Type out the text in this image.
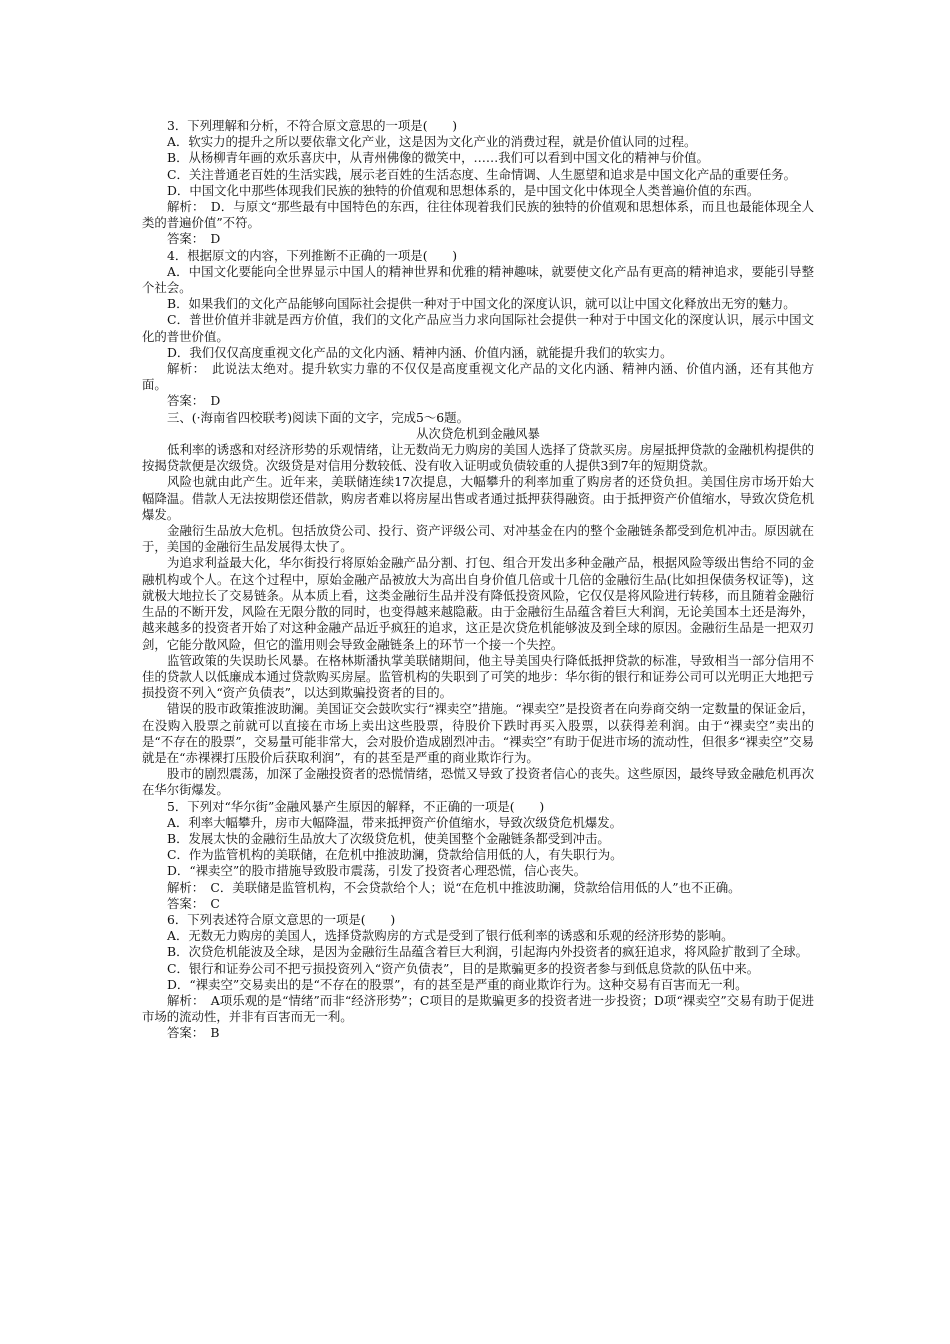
3．下列理解和分析，不符合原文意思的一项是(　　)

A．软实力的提升之所以要依靠文化产业，这是因为文化产业的消费过程，就是价值认同的过程。

B．从杨柳青年画的欢乐喜庆中，从青州佛像的微笑中，……我们可以看到中国文化的精神与价值。

C．关注普通老百姓的生活实践，展示老百姓的生活态度、生命情调、人生愿望和追求是中国文化产品的重要任务。

D．中国文化中那些体现我们民族的独特的价值观和思想体系的，是中国文化中体现全人类普遍价值的东西。

解析：　D．与原文“那些最有中国特色的东西，往往体现着我们民族的独特的价值观和思想体系，而且也最能体现全人类的普遍价值”不符。

答案：　D

4．根据原文的内容，下列推断不正确的一项是(　　)

A．中国文化要能向全世界显示中国人的精神世界和优雅的精神趣味，就要使文化产品有更高的精神追求，要能引导整个社会。

B．如果我们的文化产品能够向国际社会提供一种对于中国文化的深度认识，就可以让中国文化释放出无穷的魅力。

C．普世价值并非就是西方价值，我们的文化产品应当力求向国际社会提供一种对于中国文化的深度认识，展示中国文化的普世价值。

D．我们仅仅高度重视文化产品的文化内涵、精神内涵、价值内涵，就能提升我们的软实力。

解析：　此说法太绝对。提升软实力靠的不仅仅是高度重视文化产品的文化内涵、精神内涵、价值内涵，还有其他方面。

答案：　D

三、(·海南省四校联考)阅读下面的文字，完成5～6题。

从次贷危机到金融风暴

低利率的诱惑和对经济形势的乐观情绪，让无数尚无力购房的美国人选择了贷款买房。房屋抵押贷款的金融机构提供的按揭贷款便是次级贷。次级贷是对信用分数较低、没有收入证明或负债较重的人提供3到7年的短期贷款。

风险也就由此产生。近年来，美联储连续17次提息，大幅攀升的利率加重了购房者的还贷负担。美国住房市场开始大幅降温。借款人无法按期偿还借款，购房者难以将房屋出售或者通过抵押获得融资。由于抵押资产价值缩水，导致次贷危机爆发。

金融衍生品放大危机。包括放贷公司、投行、资产评级公司、对冲基金在内的整个金融链条都受到危机冲击。原因就在于，美国的金融衍生品发展得太快了。

为追求利益最大化，华尔街投行将原始金融产品分割、打包、组合开发出多种金融产品，根据风险等级出售给不同的金融机构或个人。在这个过程中，原始金融产品被放大为高出自身价值几倍或十几倍的金融衍生品(比如担保债务权证等)，这就极大地拉长了交易链条。从本质上看，这类金融衍生品并没有降低投资风险，它仅仅是将风险进行转移，而且随着金融衍生品的不断开发，风险在无限分散的同时，也变得越来越隐蔽。由于金融衍生品蕴含着巨大利润，无论美国本土还是海外，越来越多的投资者开始了对这种金融产品近乎疯狂的追求，这正是次贷危机能够波及到全球的原因。金融衍生品是一把双刃剑，它能分散风险，但它的滥用则会导致金融链条上的环节一个接一个失控。

监管政策的失误助长风暴。在格林斯潘执掌美联储期间，他主导美国央行降低抵押贷款的标准，导致相当一部分信用不佳的贷款人以低廉成本通过贷款购买房屋。监管机构的失职到了可笑的地步：华尔街的银行和证券公司可以光明正大地把亏损投资不列入“资产负债表”，以达到欺骗投资者的目的。

错误的股市政策推波助澜。美国证交会鼓吹实行“裸卖空”措施。“裸卖空”是投资者在向券商交纳一定数量的保证金后，在没购入股票之前就可以直接在市场上卖出这些股票，待股价下跌时再买入股票，以获得差利润。由于“裸卖空”卖出的是“不存在的股票”，交易量可能非常大，会对股价造成剧烈冲击。“裸卖空”有助于促进市场的流动性，但很多“裸卖空”交易就是在“赤裸裸打压股价后获取利润”，有的甚至是严重的商业欺诈行为。

股市的剧烈震荡，加深了金融投资者的恐慌情绪，恐慌又导致了投资者信心的丧失。这些原因，最终导致金融危机再次在华尔街爆发。

5．下列对“华尔街”金融风暴产生原因的解释，不正确的一项是(　　)

A．利率大幅攀升，房市大幅降温，带来抵押资产价值缩水，导致次级贷危机爆发。

B．发展太快的金融衍生品放大了次级贷危机，使美国整个金融链条都受到冲击。

C．作为监管机构的美联储，在危机中推波助澜，贷款给信用低的人，有失职行为。

D．“裸卖空”的股市措施导致股市震荡，引发了投资者心理恐慌，信心丧失。

解析：　C．美联储是监管机构，不会贷款给个人；说“在危机中推波助澜，贷款给信用低的人”也不正确。

答案：　C

6．下列表述符合原文意思的一项是(　　)

A．无数无力购房的美国人，选择贷款购房的方式是受到了银行低利率的诱惑和乐观的经济形势的影响。

B．次贷危机能波及全球，是因为金融衍生品蕴含着巨大利润，引起海内外投资者的疯狂追求，将风险扩散到了全球。

C．银行和证券公司不把亏损投资列入“资产负债表”，目的是欺骗更多的投资者参与到低息贷款的队伍中来。

D．“裸卖空”交易卖出的是“不存在的股票”，有的甚至是严重的商业欺诈行为。这种交易有百害而无一利。

解析：　A项乐观的是“情绪”而非“经济形势”；C项目的是欺骗更多的投资者进一步投资；D项“裸卖空”交易有助于促进市场的流动性，并非有百害而无一利。

答案：　B
